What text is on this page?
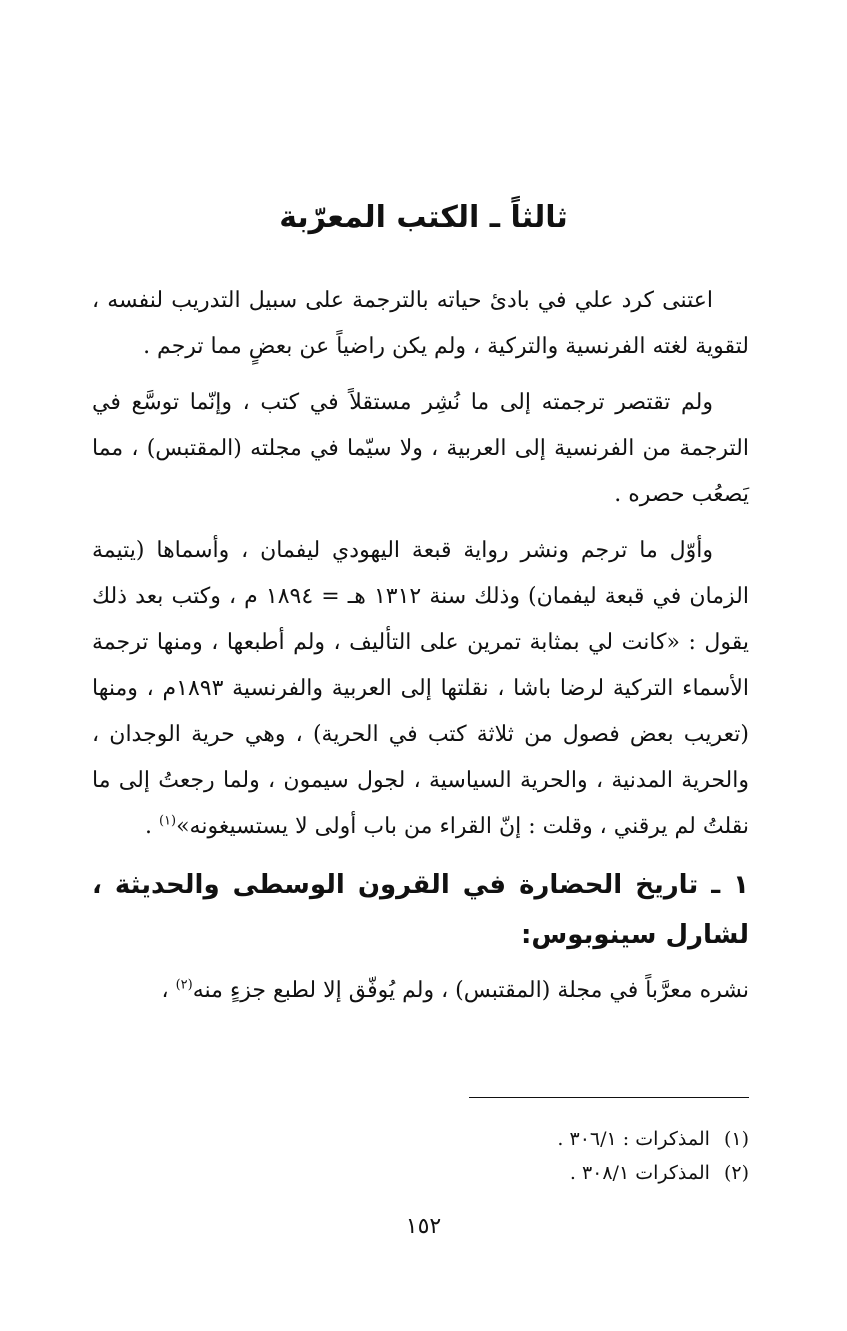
ثالثاً ـ الكتب المعرّبة

اعتنى كرد علي في بادئ حياته بالترجمة على سبيل التدريب لنفسه ، لتقوية لغته الفرنسية والتركية ، ولم يكن راضياً عن بعضٍ مما ترجم .

ولم تقتصر ترجمته إلى ما نُشِر مستقلاً في كتب ، وإنّما توسَّع في الترجمة من الفرنسية إلى العربية ، ولا سيّما في مجلته (المقتبس) ، مما يَصعُب حصره .

وأوّل ما ترجم ونشر رواية قبعة اليهودي ليفمان ، وأسماها (يتيمة الزمان في قبعة ليفمان) وذلك سنة ١٣١٢ هـ = ١٨٩٤ م ، وكتب بعد ذلك يقول : «كانت لي بمثابة تمرين على التأليف ، ولم أطبعها ، ومنها ترجمة الأسماء التركية لرضا باشا ، نقلتها إلى العربية والفرنسية ١٨٩٣م ، ومنها (تعريب بعض فصول من ثلاثة كتب في الحرية) ، وهي حرية الوجدان ، والحرية المدنية ، والحرية السياسية ، لجول سيمون ، ولما رجعتُ إلى ما نقلتُ لم يرقني ، وقلت : إنّ القراء من باب أولى لا يستسيغونه»$^{(١)}$ .

١ ـ تاريخ الحضارة في القرون الوسطى والحديثة ، لشارل سينوبوس:

نشره معرَّباً في مجلة (المقتبس) ، ولم يُوفّق إلا لطبع جزءٍ منه$^{(٢)}$ ،

(١)المذكرات : ٣٠٦/١ .

(٢)المذكرات ٣٠٨/١ .

١٥٢
